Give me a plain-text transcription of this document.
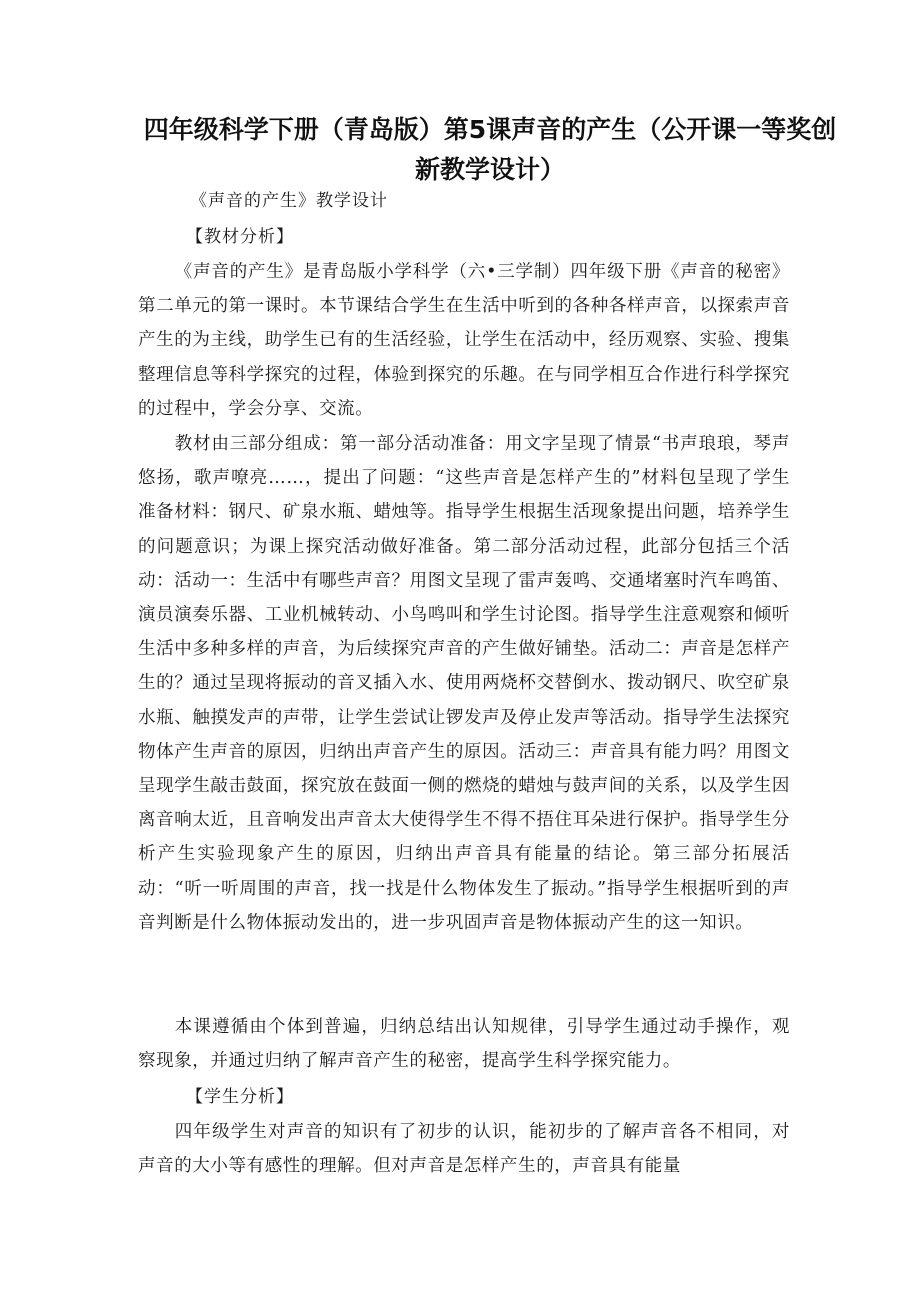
四年级科学下册（青岛版）第5课声音的产生（公开课一等奖创新教学设计）
《声音的产生》教学设计
【教材分析】

《声音的产生》是青岛版小学科学（六•三学制）四年级下册《声音的秘密》第二单元的第一课时。本节课结合学生在生活中听到的各种各样声音，以探索声音产生的为主线，助学生已有的生活经验，让学生在活动中，经历观察、实验、搜集整理信息等科学探究的过程，体验到探究的乐趣。在与同学相互合作进行科学探究的过程中，学会分享、交流。

教材由三部分组成：第一部分活动准备：用文字呈现了情景“书声琅琅，琴声悠扬，歌声嘹亮……，提出了问题：“这些声音是怎样产生的”材料包呈现了学生准备材料：钢尺、矿泉水瓶、蜡烛等。指导学生根据生活现象提出问题，培养学生的问题意识；为课上探究活动做好准备。第二部分活动过程，此部分包括三个活动：活动一：生活中有哪些声音？用图文呈现了雷声轰鸣、交通堵塞时汽车鸣笛、演员演奏乐器、工业机械转动、小鸟鸣叫和学生讨论图。指导学生注意观察和倾听生活中多种多样的声音，为后续探究声音的产生做好铺垫。活动二：声音是怎样产生的？通过呈现将振动的音叉插入水、使用两烧杯交替倒水、拨动钢尺、吹空矿泉水瓶、触摸发声的声带，让学生尝试让锣发声及停止发声等活动。指导学生法探究物体产生声音的原因，归纳出声音产生的原因。活动三：声音具有能力吗？用图文呈现学生敲击鼓面，探究放在鼓面一侧的燃烧的蜡烛与鼓声间的关系，以及学生因离音响太近，且音响发出声音太大使得学生不得不捂住耳朵进行保护。指导学生分析产生实验现象产生的原因，归纳出声音具有能量的结论。第三部分拓展活动：“听一听周围的声音，找一找是什么物体发生了振动。”指导学生根据听到的声音判断是什么物体振动发出的，进一步巩固声音是物体振动产生的这一知识。

本课遵循由个体到普遍，归纳总结出认知规律，引导学生通过动手操作，观察现象，并通过归纳了解声音产生的秘密，提高学生科学探究能力。

【学生分析】

四年级学生对声音的知识有了初步的认识，能初步的了解声音各不相同，对声音的大小等有感性的理解。但对声音是怎样产生的，声音具有能量
